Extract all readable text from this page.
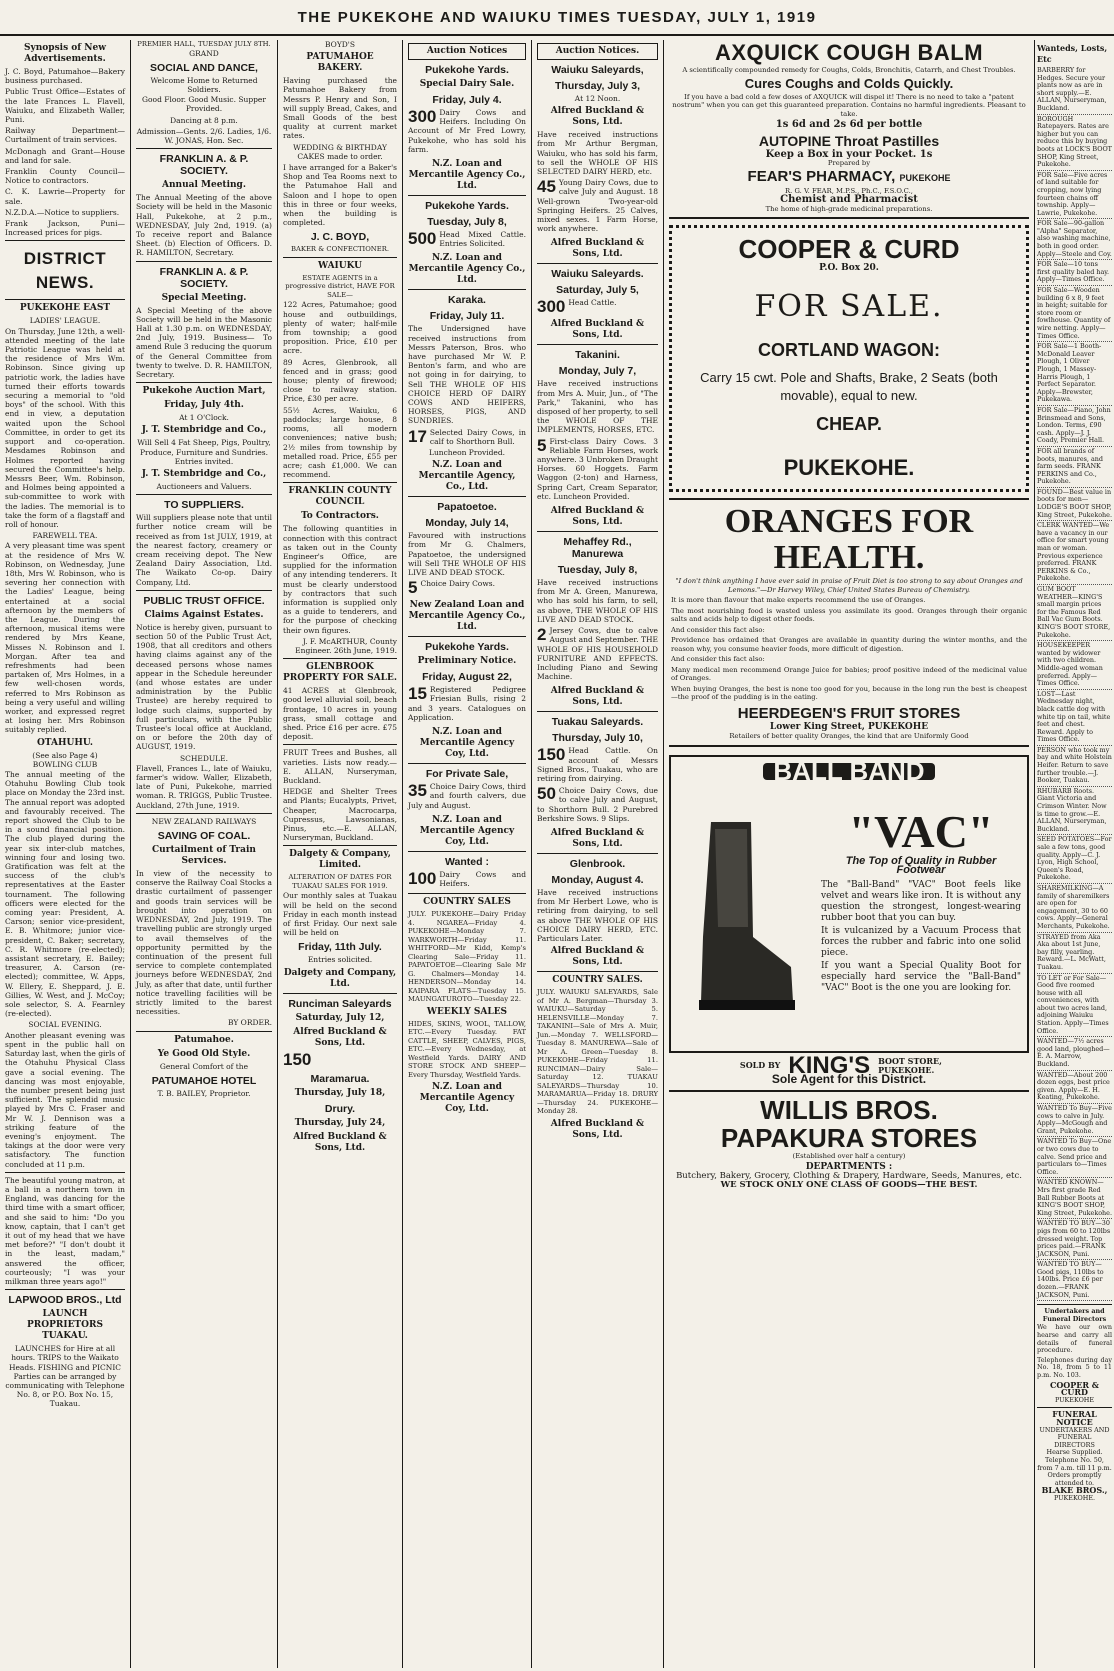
THE PUKEKOHE AND WAIUKU TIMES TUESDAY, JULY 1, 1919
Synopsis of New Advertisements.

J. C. Boyd, Patumahoe—Bakery business purchased.

Public Trust Office—Estates of the late Frances L. Flavell, Waiuku, and Elizabeth Waller, Puni.

Railway Department—Curtailment of train services.

McDonagh and Grant—House and land for sale.

Franklin County Council—Notice to contractors.

C. K. Lawrie—Property for sale.

N.Z.D.A.—Notice to suppliers.

Frank Jackson, Puni—Increased prices for pigs.

DISTRICT NEWS.
PUKEKOHE EAST
LADIES' LEAGUE.

On Thursday, June 12th, a well-attended meeting of the late Patriotic League was held at the residence of Mrs Wm. Robinson. Since giving up patriotic work, the ladies have turned their efforts towards securing a memorial to "old boys" of the school. With this end in view, a deputation waited upon the School Committee, in order to get its support and co-operation. Mesdames Robinson and Holmes reported having secured the Committee's help. Messrs Beer, Wm. Robinson, and Holmes being appointed a sub-committee to work with the ladies. The memorial is to take the form of a flagstaff and roll of honour.

FAREWELL TEA.

A very pleasant time was spent at the residence of Mrs W. Robinson, on Wednesday, June 18th, Mrs W. Robinson, who is severing her connection with the Ladies' League, being entertained at a social afternoon by the members of the League. During the afternoon, musical items were rendered by Mrs Keane, Misses N. Robinson and I. Morgan. After tea and refreshments had been partaken of, Mrs Holmes, in a few well-chosen words, referred to Mrs Robinson as being a very useful and willing worker, and expressed regret at losing her. Mrs Robinson suitably replied.

OTAHUHU.
(See also Page 4)
BOWLING CLUB

The annual meeting of the Otahuhu Bowling Club took place on Monday the 23rd inst. The annual report was adopted and favourably received. The report showed the Club to be in a sound financial position. The club played during the year six inter-club matches, winning four and losing two. Gratification was felt at the success of the club's representatives at the Easter tournament. The following officers were elected for the coming year: President, A. Carson; senior vice-president, E. B. Whitmore; junior vice-president, C. Baker; secretary, C. R. Whitmore (re-elected); assistant secretary, E. Bailey; treasurer, A. Carson (re-elected); committee, W. Apps, W. Ellery, E. Sheppard, J. E. Gillies, W. West, and J. McCoy; sole selector, S. A. Fearnley (re-elected).

SOCIAL EVENING.

Another pleasant evening was spent in the public hall on Saturday last, when the girls of the Otahuhu Physical Class gave a social evening. The dancing was most enjoyable, the number present being just sufficient. The splendid music played by Mrs C. Fraser and Mr W. J. Dennison was a striking feature of the evening's enjoyment. The takings at the door were very satisfactory. The function concluded at 11 p.m.

The beautiful young matron, at a ball in a northern town in England, was dancing for the third time with a smart officer, and she said to him: "Do you know, captain, that I can't get it out of my head that we have met before?" "I don't doubt it in the least, madam," answered the officer, courteously; "I was your milkman three years ago!"

LAPWOOD BROS., Ltd
LAUNCH PROPRIETORS TUAKAU.

LAUNCHES for Hire at all hours. TRIPS to the Waikato Heads. FISHING and PICNIC Parties can be arranged by communicating with Telephone No. 8, or P.O. Box No. 15, Tuakau.

PREMIER HALL, TUESDAY JULY 8TH.
GRAND
SOCIAL AND DANCE,
Welcome Home to Returned Soldiers.

Good Floor. Good Music. Supper Provided.

Dancing at 8 p.m.

Admission—Gents. 2/6. Ladies, 1/6. W. JONAS, Hon. Sec.

FRANKLIN A. & P. SOCIETY.
Annual Meeting.

The Annual Meeting of the above Society will be held in the Masonic Hall, Pukekohe, at 2 p.m., WEDNESDAY, July 2nd, 1919. (a) To receive report and Balance Sheet. (b) Election of Officers. D. R. HAMILTON, Secretary.

FRANKLIN A. & P. SOCIETY.
Special Meeting.

A Special Meeting of the above Society will be held in the Masonic Hall at 1.30 p.m. on WEDNESDAY, 2nd July, 1919. Business— To amend Rule 3 reducing the quorum of the General Committee from twenty to twelve. D. R. HAMILTON, Secretary.

Pukekohe Auction Mart,
Friday, July 4th.
At 1 O'Clock.
J. T. Stembridge and Co.,

Will Sell 4 Fat Sheep, Pigs, Poultry, Produce, Furniture and Sundries. Entries invited.

J. T. Stembridge and Co.,
Auctioneers and Valuers.
TO SUPPLIERS.

Will suppliers please note that until further notice cream will be received as from 1st JULY, 1919, at the nearest factory, creamery or cream receiving depot. The New Zealand Dairy Association, Ltd. The Waikato Co-op. Dairy Company, Ltd.

PUBLIC TRUST OFFICE.
Claims Against Estates.

Notice is hereby given, pursuant to section 50 of the Public Trust Act, 1908, that all creditors and others having claims against any of the deceased persons whose names appear in the Schedule hereunder (and whose estates are under administration by the Public Trustee) are hereby required to lodge such claims, supported by full particulars, with the Public Trustee's local office at Auckland, on or before the 20th day of AUGUST, 1919.

SCHEDULE.

Flavell, Frances L., late of Waiuku, farmer's widow. Waller, Elizabeth, late of Puni, Pukekohe, married woman. R. TRIGGS, Public Trustee. Auckland, 27th June, 1919.

NEW ZEALAND RAILWAYS
SAVING OF COAL.
Curtailment of Train Services.

In view of the necessity to conserve the Railway Coal Stocks a drastic curtailment of passenger and goods train services will be brought into operation on WEDNESDAY, 2nd July, 1919. The travelling public are strongly urged to avail themselves of the opportunity permitted by the continuation of the present full service to complete contemplated journeys before WEDNESDAY, 2nd July, as after that date, until further notice travelling facilities will be strictly limited to the barest necessities.

BY ORDER.
Patumahoe.
Ye Good Old Style.
General Comfort of the
PATUMAHOE HOTEL
T. B. BAILEY, Proprietor.
BOYD'S
PATUMAHOE BAKERY.

Having purchased the Patumahoe Bakery from Messrs P. Henry and Son, I will supply Bread, Cakes, and Small Goods of the best quality at current market rates.

WEDDING & BIRTHDAY CAKES made to order.

I have arranged for a Baker's Shop and Tea Rooms next to the Patumahoe Hall and Saloon and I hope to open this in three or four weeks, when the building is completed.

J. C. BOYD,
BAKER & CONFECTIONER.
WAIUKU
ESTATE AGENTS in a progressive district, HAVE FOR SALE—

122 Acres, Patumahoe; good house and outbuildings, plenty of water; half-mile from township; a good proposition. Price, £10 per acre.

89 Acres, Glenbrook, all fenced and in grass; good house; plenty of firewood; close to railway station. Price, £30 per acre.

55½ Acres, Waiuku, 6 paddocks; large house, 8 rooms, all modern conveniences; native bush; 2½ miles from township by metalled road. Price, £55 per acre; cash £1,000. We can recommend.

FRANKLIN COUNTY COUNCIL
To Contractors.

The following quantities in connection with this contract as taken out in the County Engineer's Office, are supplied for the information of any intending tenderers. It must be clearly understood by contractors that such information is supplied only as a guide to tenderers, and for the purpose of checking their own figures.

J. F. McARTHUR, County Engineer. 26th June, 1919.

GLENBROOK PROPERTY FOR SALE.

41 ACRES at Glenbrook, good level alluvial soil, beach frontage, 10 acres in young grass, small cottage and shed. Price £16 per acre. £75 deposit.

FRUIT Trees and Bushes, all varieties. Lists now ready.—E. ALLAN, Nurseryman, Buckland.

HEDGE and Shelter Trees and Plants; Eucalypts, Privet, Cheaper, Macrocarpa, Cupressus, Lawsonianas, Pinus, etc.—E. ALLAN, Nurseryman, Buckland.

Dalgety & Company, Limited.
ALTERATION OF DATES FOR TUAKAU SALES FOR 1919.

Our monthly sales at Tuakau will be held on the second Friday in each month instead of first Friday. Our next sale will be held on

Friday, 11th July.
Entries solicited.
Dalgety and Company, Ltd.
Runciman Saleyards
Saturday, July 12,
Alfred Buckland & Sons, Ltd.
150
Maramarua.
Thursday, July 18,
Drury.
Thursday, July 24,
Alfred Buckland & Sons, Ltd.
Auction Notices
Pukekohe Yards.
Special Dairy Sale.
Friday, July 4.
300 Dairy Cows and Heifers. Including On Account of Mr Fred Lowry, Pukekohe, who has sold his farm.

N.Z. Loan and Mercantile Agency Co., Ltd.
Pukekohe Yards.
Tuesday, July 8,
500 Head Mixed Cattle. Entries Solicited.

N.Z. Loan and Mercantile Agency Co., Ltd.
Karaka.
Friday, July 11.

The Undersigned have received instructions from Messrs Paterson, Bros. who have purchased Mr W. P. Benton's farm, and who are not going in for dairying, to Sell THE WHOLE OF HIS CHOICE HERD OF DAIRY COWS AND HEIFERS, HORSES, PIGS, AND SUNDRIES.

17 Selected Dairy Cows, in calf to Shorthorn Bull.

Luncheon Provided.
N.Z. Loan and Mercantile Agency, Co., Ltd.
Papatoetoe.
Monday, July 14,

Favoured with instructions from Mr G. Chalmers, Papatoetoe, the undersigned will Sell THE WHOLE OF HIS LIVE AND DEAD STOCK.

5 Choice Dairy Cows.

New Zealand Loan and Mercantile Agency Co., Ltd.
Pukekohe Yards.
Preliminary Notice.
Friday, August 22,
15 Registered Pedigree Friesian Bulls, rising 2 and 3 years. Catalogues on Application.

N.Z. Loan and Mercantile Agency Coy, Ltd.
For Private Sale,
35 Choice Dairy Cows, third and fourth calvers, due July and August.

N.Z. Loan and Mercantile Agency Coy, Ltd.
Wanted :
100 Dairy Cows and Heifers.

COUNTRY SALES

JULY. PUKEKOHE—Dairy Friday 4. NGAREA—Friday 4. PUKEKOHE—Monday 7. WARKWORTH—Friday 11. WHITFORD—Mr Kidd, Kemp's Clearing Sale—Friday 11. PAPATOETOE—Clearing Sale Mr G. Chalmers—Monday 14. HENDERSON—Monday 14. KAIPARA FLATS—Tuesday 15. MAUNGATUROTO—Tuesday 22.

WEEKLY SALES

HIDES, SKINS, WOOL, TALLOW, ETC.—Every Tuesday. FAT CATTLE, SHEEP, CALVES, PIGS, ETC.—Every Wednesday, at Westfield Yards. DAIRY AND STORE STOCK AND SHEEP—Every Thursday, Westfield Yards.

N.Z. Loan and Mercantile Agency Coy, Ltd.
Auction Notices.
Waiuku Saleyards,
Thursday, July 3,
At 12 Noon.
Alfred Buckland & Sons, Ltd.

Have received instructions from Mr Arthur Bergman, Waiuku, who has sold his farm, to sell the WHOLE OF HIS SELECTED DAIRY HERD, etc.

45 Young Dairy Cows, due to calve July and August. 18 Well-grown Two-year-old Springing Heifers. 25 Calves, mixed sexes. 1 Farm Horse, work anywhere.

Alfred Buckland & Sons, Ltd.
Waiuku Saleyards.
Saturday, July 5,
300 Head Cattle.

Alfred Buckland & Sons, Ltd.
Takanini.
Monday, July 7,

Have received instructions from Mrs A. Muir, Jun., of "The Park," Takanini, who has disposed of her property, to sell the WHOLE OF THE IMPLEMENTS, HORSES, ETC.

5 First-class Dairy Cows. 3 Reliable Farm Horses, work anywhere. 3 Unbroken Draught Horses. 60 Hoggets. Farm Waggon (2-ton) and Harness, Spring Cart, Cream Separator, etc. Luncheon Provided.

Alfred Buckland & Sons, Ltd.
Mehaffey Rd., Manurewa
Tuesday, July 8,

Have received instructions from Mr A. Green, Manurewa, who has sold his farm, to sell, as above, THE WHOLE OF HIS LIVE AND DEAD STOCK.

2 Jersey Cows, due to calve August and September. THE WHOLE OF HIS HOUSEHOLD FURNITURE AND EFFECTS. Including Piano and Sewing Machine.

Alfred Buckland & Sons, Ltd.
Tuakau Saleyards.
Thursday, July 10,
150 Head Cattle. On account of Messrs Signed Bros., Tuakau, who are retiring from dairying.

50 Choice Dairy Cows, due to calve July and August, to Shorthorn Bull. 2 Purebred Berkshire Sows. 9 Slips.

Alfred Buckland & Sons, Ltd.
Glenbrook.
Monday, August 4.

Have received instructions from Mr Herbert Lowe, who is retiring from dairying, to sell as above THE WHOLE OF HIS CHOICE DAIRY HERD, ETC. Particulars Later.

Alfred Buckland & Sons, Ltd.
COUNTRY SALES.

JULY. WAIUKU SALEYARDS, Sale of Mr A. Bergman—Thursday 3. WAIUKU—Saturday 5. HELENSVILLE—Monday 7. TAKANINI—Sale of Mrs A. Muir, Jun.—Monday 7. WELLSFORD—Tuesday 8. MANUREWA—Sale of Mr A. Green—Tuesday 8. PUKEKOHE—Friday 11. RUNCIMAN—Dairy Sale—Saturday 12. TUAKAU SALEYARDS—Thursday 10. MARAMARUA—Friday 18. DRURY—Thursday 24. PUKEKOHE—Monday 28.

Alfred Buckland & Sons, Ltd.
AXQUICK COUGH BALM
A scientifically compounded remedy for Coughs, Colds, Bronchitis, Catarrh, and Chest Troubles.
Cures Coughs and Colds Quickly.

If you have a bad cold a few doses of AXQUICK will dispel it! There is no need to take a "patent nostrum" when you can get this guaranteed preparation. Contains no harmful ingredients. Pleasant to take.

1s 6d and 2s 6d per bottle
AUTOPINE Throat Pastilles
Keep a Box in your Pocket. 1s
Prepared by
FEAR'S PHARMACY, PUKEKOHE
R. G. V. FEAR, M.P.S., Ph.C., F.S.O.C.,
Chemist and Pharmacist
The home of high-grade medicinal preparations.
COOPER & CURD
P.O. Box 20.
FOR SALE.
CORTLAND WAGON:
Carry 15 cwt. Pole and Shafts, Brake, 2 Seats (both movable), equal to new.
CHEAP.
PUKEKOHE.
ORANGES FOR HEALTH.

"I don't think anything I have ever said in praise of Fruit Diet is too strong to say about Oranges and Lemons."—Dr Harvey Wiley, Chief United States Bureau of Chemistry.

It is more than flavour that make experts recommend the use of Oranges.

The most nourishing food is wasted unless you assimilate its good. Oranges through their organic salts and acids help to digest other foods.

And consider this fact also:

Providence has ordained that Oranges are available in quantity during the winter months, and the reason why, you consume heavier foods, more difficult of digestion.

And consider this fact also:

Many medical men recommend Orange Juice for babies; proof positive indeed of the medicinal value of Oranges.

When buying Oranges, the best is none too good for you, because in the long run the best is cheapest—the proof of the pudding is in the eating.

HEERDEGEN'S FRUIT STORES
Lower King Street, PUKEKOHE
Retailers of better quality Oranges, the kind that are Uniformly Good
BALL BAND
"VAC"
The Top of Quality in Rubber Footwear

The "Ball-Band" "VAC" Boot feels like velvet and wears like iron. It is without any question the strongest, longest-wearing rubber boot that you can buy.

It is vulcanized by a Vacuum Process that forces the rubber and fabric into one solid piece.

If you want a Special Quality Boot for especially hard service the "Ball-Band" "VAC" Boot is the one you are looking for.

SOLD BY KING'S BOOT STORE, PUKEKOHE.
Sole Agent for this District.
WILLIS BROS.
PAPAKURA STORES
(Established over half a century)
DEPARTMENTS :
Butchery, Bakery, Grocery, Clothing & Drapery, Hardware, Seeds, Manures, etc.
WE STOCK ONLY ONE CLASS OF GOODS—THE BEST.
Wanteds, Losts, Etc
BARBERRY for Hedges. Secure your plants now as are in short supply.—E. ALLAN, Nurseryman, Buckland.
BOROUGH Ratepayers. Rates are higher but you can reduce this by buying boots at LOCK'S BOOT SHOP, King Street, Pukekohe.
FOR Sale—Five acres of land suitable for cropping, now lying fourteen chains off township. Apply—Lawrie, Pukekohe.
FOR Sale—90-gallon "Alpha" Separator, also washing machine, both in good order. Apply—Steele and Coy.
FOR Sale—10 tons first quality baled hay. Apply—Times Office.
FOR Sale—Wooden building 6 x 8, 9 feet in height; suitable for store room or fowlhouse. Quantity of wire netting. Apply—Times Office.
FOR Sale—1 Booth-McDonald Leaver Plough, 1 Oliver Plough, 1 Massey-Harris Plough, 1 Perfect Separator. Apply—Brewster, Pukekawa.
FOR Sale—Piano, John Brinsmead and Sons, London. Terms, £90 cash. Apply—J. J. Coady, Premier Hall.
FOR all brands of boots, manures, and farm seeds. FRANK PERKINS and Co., Pukekohe.
FOUND—Best value in boots for men—LODGE'S BOOT SHOP, King Street, Pukekohe.
CLERK WANTED—We have a vacancy in our office for smart young man or woman. Previous experience preferred. FRANK PERKINS & Co., Pukekohe.
GUM BOOT WEATHER—KING'S small margin prices for the Famous Red Ball Vac Gum Boots. KING'S BOOT STORE, Pukekohe.
HOUSEKEEPER wanted by widower with two children. Middle-aged woman preferred. Apply—Times Office.
LOST—Last Wednesday night, black cattle dog with white tip on tail, white feet and chest. Reward. Apply to Times Office.
PERSON who took my bay and white Holstein Heifer. Return to save further trouble.—J. Booker, Tuakau.
RHUBARB Roots. Giant Victoria and Crimson Winter. Now is time to grow.—E. ALLAN, Nurseryman, Buckland.
SEED POTATOES—For sale a few tons, good quality. Apply—C. J. Lyon, High School, Queen's Road, Pukekohe.
SHAREMILKING—A family of sharemilkers are open for engagement, 30 to 60 cows. Apply—General Merchants, Pukekohe.
STRAYED from Aka Aka about 1st June, bay filly, yearling. Reward.—L. McWatt, Tuakau.
TO LET or For Sale—Good five roomed house with all conveniences, with about two acres land, adjoining Waiuku Station. Apply—Times Office.
WANTED—7½ acres good land, ploughed—E. A. Marrow, Buckland.
WANTED—About 200 dozen eggs, best price given. Apply—E. H. Keating, Pukekohe.
WANTED To Buy—Five cows to calve in July. Apply—McGough and Grant, Pukekohe.
WANTED To Buy—One or two cows due to calve. Send price and particulars to—Times Office.
WANTED KNOWN—Mrs first grade Red Ball Rubber Boots at KING'S BOOT SHOP, King Street, Pukekohe.
WANTED TO BUY—30 pigs from 60 to 120lbs dressed weight. Top prices paid.—FRANK JACKSON, Puni.
WANTED TO BUY—Good pigs, 110lbs to 140lbs. Price £6 per dozen.—FRANK JACKSON, Puni.
Undertakers and Funeral Directors

We have our own hearse and carry all details of funeral procedure.

Telephones during day No. 18, from 5 to 11 p.m. No. 103.

COOPER & CURD
PUKEKOHE
FUNERAL NOTICE
UNDERTAKERS AND FUNERAL DIRECTORS
Hearse Supplied.
Telephone No. 50, from 7 a.m. till 11 p.m.
Orders promptly attended to.
BLAKE BROS.,
PUKEKOHE.
